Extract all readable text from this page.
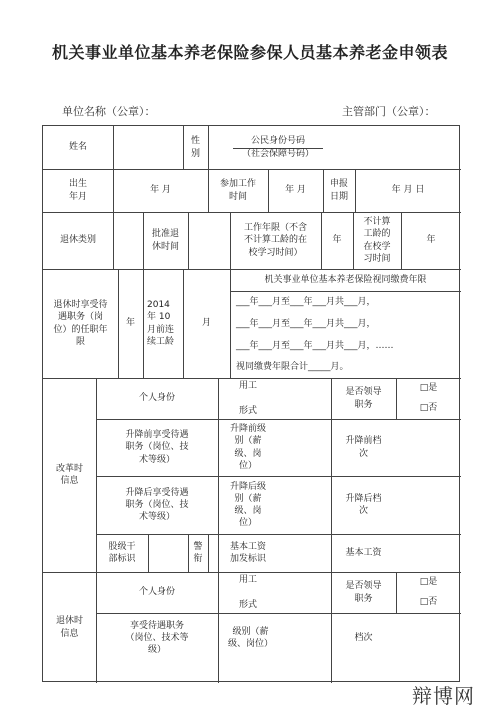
机关事业单位基本养老保险参保人员基本养老金申领表
单位名称（公章）：	主管部门（公章）：
姓名
性
别
公民身份号码
（社会保障号码）
出生
年月
年 月
参加工作
时间
年 月
申报
日期
年 月 日
退休类别
批准退
休时间
工作年限（不含
不计算工龄的在
校学习时间）
年
不计算
工龄的
在校学
习时间
年
退休时享受待
遇职务（岗
位）的任职年
限
年
2014
年 10
月前连
续工龄
月
机关事业单位基本养老保险视同缴费年限
___年___月至___年___月共___月，
___年___月至___年___月共___月，
___年___月至___年___月共___月，……
视同缴费年限合计_____月。
改革时
信息
个人身份
用工

形式
是否领导
职务
□是
□否
升降前享受待遇
职务（岗位、技
术等级）
升降前级
别（薪
级、岗
位）
升降前档
次
升降后享受待遇
职务（岗位、技
术等级）
升降后级
别（薪
级、岗
位）
升降后档
次
股级干
部标识
警
衔
基本工资
加发标识
基本工资
退休时
信息
个人身份
用工

形式
是否领导
职务
□是
□否
享受待遇职务
（岗位、技术等
级）
级别（薪
级、岗位）
档次
辩博网
